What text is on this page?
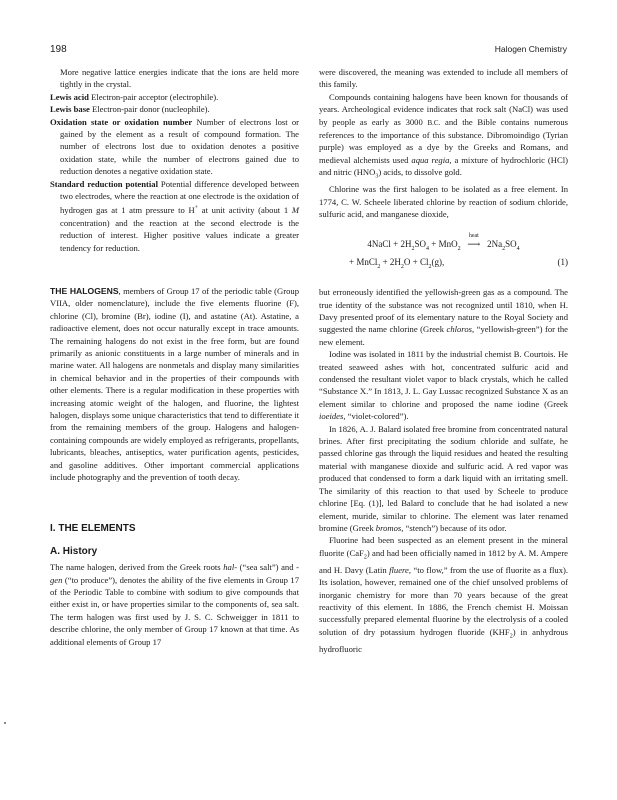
198	Halogen Chemistry

More negative lattice energies indicate that the ions are held more tightly in the crystal.

Lewis acid Electron-pair acceptor (electrophile).

Lewis base Electron-pair donor (nucleophile).

Oxidation state or oxidation number Number of electrons lost or gained by the element as a result of compound formation. The number of electrons lost due to oxidation denotes a positive oxidation state, while the number of electrons gained due to reduction denotes a negative oxidation state.

Standard reduction potential Potential difference developed between two electrodes, where the reaction at one electrode is the oxidation of hydrogen gas at 1 atm pressure to H+ at unit activity (about 1 M concentration) and the reaction at the second electrode is the reduction of interest. Higher positive values indicate a greater tendency for reduction.

THE HALOGENS, members of Group 17 of the periodic table (Group VIIA, older nomenclature), include the five elements fluorine (F), chlorine (Cl), bromine (Br), iodine (I), and astatine (At). Astatine, a radioactive element, does not occur naturally except in trace amounts. The remaining halogens do not exist in the free form, but are found primarily as anionic constituents in a large number of minerals and in marine water. All halogens are nonmetals and display many similarities in chemical behavior and in the properties of their compounds with other elements. There is a regular modification in these properties with increasing atomic weight of the halogen, and fluorine, the lightest halogen, displays some unique characteristics that tend to differentiate it from the remaining members of the group. Halogens and halogen-containing compounds are widely employed as refrigerants, propellants, lubricants, bleaches, antiseptics, water purification agents, pesticides, and gasoline additives. Other important commercial applications include photography and the prevention of tooth decay.

I. THE ELEMENTS

A. History

The name halogen, derived from the Greek roots hal- (“sea salt”) and -gen (“to produce”), denotes the ability of the five elements in Group 17 of the Periodic Table to combine with sodium to give compounds that either exist in, or have properties similar to the components of, sea salt. The term halogen was first used by J. S. C. Schweigger in 1811 to describe chlorine, the only member of Group 17 known at that time. As additional elements of Group 17

were discovered, the meaning was extended to include all members of this family.

Compounds containing halogens have been known for thousands of years. Archeological evidence indicates that rock salt (NaCl) was used by people as early as 3000 B.C. and the Bible contains numerous references to the importance of this substance. Dibromoindigo (Tyrian purple) was employed as a dye by the Greeks and Romans, and medieval alchemists used aqua regia, a mixture of hydrochloric (HCl) and nitric $(HNO_3)$ acids, to dissolve gold.

Chlorine was the first halogen to be isolated as a free element. In 1774, C. W. Scheele liberated chlorine by reaction of sodium chloride, sulfuric acid, and manganese dioxide,

4NaCl + $2H_2SO_4 + MnO_2$
heat
⟶ $2Na_2SO_4$
+ MnCl$_2$ + $2H_2O + Cl_2(g)$,	(1)

but erroneously identified the yellowish-green gas as a compound. The true identity of the substance was not recognized until 1810, when H. Davy presented proof of its elementary nature to the Royal Society and suggested the name chlorine (Greek chloros, “yellowish-green”) for the new element.

Iodine was isolated in 1811 by the industrial chemist B. Courtois. He treated seaweed ashes with hot, concentrated sulfuric acid and condensed the resultant violet vapor to black crystals, which he called “Substance X.” In 1813, J. L. Gay Lussac recognized Substance X as an element similar to chlorine and proposed the name iodine (Greek ioeides, “violet-colored”).

In 1826, A. J. Balard isolated free bromine from concentrated natural brines. After first precipitating the sodium chloride and sulfate, he passed chlorine gas through the liquid residues and heated the resulting material with manganese dioxide and sulfuric acid. A red vapor was produced that condensed to form a dark liquid with an irritating smell. The similarity of this reaction to that used by Scheele to produce chlorine [Eq. (1)], led Balard to conclude that he had isolated a new element, muride, similar to chlorine. The element was later renamed bromine (Greek bromos, “stench”) because of its odor.

Fluorine had been suspected as an element present in the mineral fluorite (CaF$_2$) and had been officially named in 1812 by A. M. Ampere and H. Davy (Latin fluere, “to flow,” from the use of fluorite as a flux). Its isolation, however, remained one of the chief unsolved problems of inorganic chemistry for more than 70 years because of the great reactivity of this element. In 1886, the French chemist H. Moissan successfully prepared elemental fluorine by the electrolysis of a cooled solution of dry potassium hydrogen fluoride $(KHF_2)$ in anhydrous hydrofluoric
